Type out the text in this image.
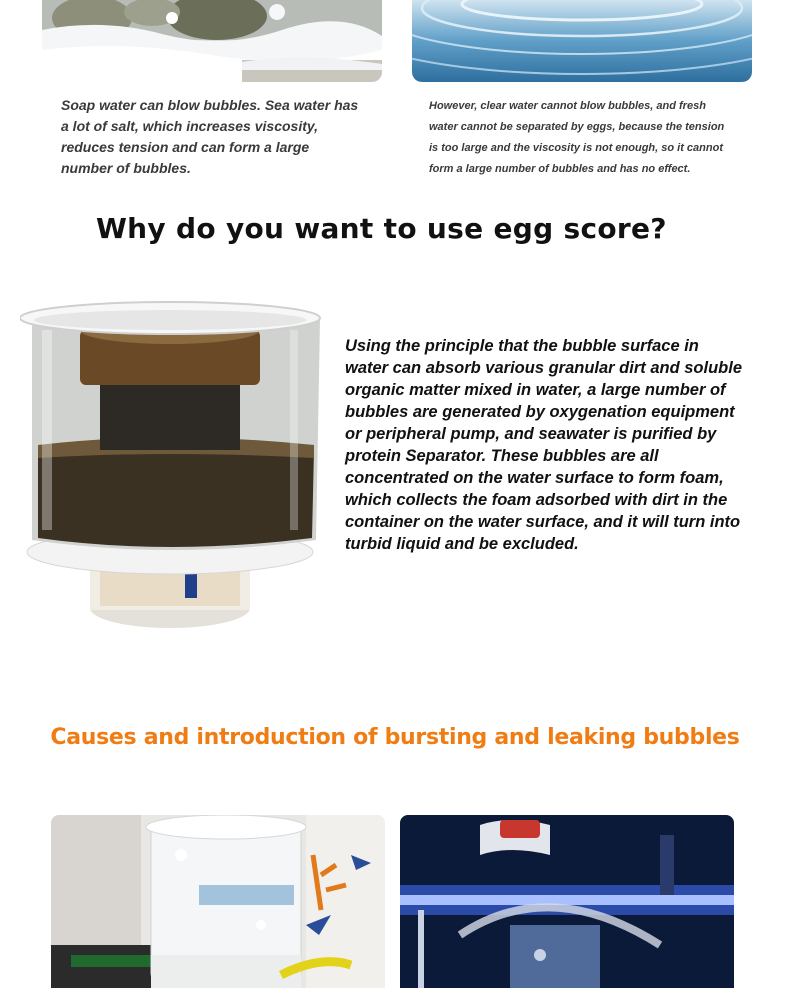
Soap water can blow bubbles. Sea water has a lot of salt, which increases viscosity, reduces tension and can form a large number of bubbles.

However, clear water cannot blow bubbles, and fresh water cannot be separated by eggs, because the tension is too large and the viscosity is not enough, so it cannot form a large number of bubbles and has no effect.

Why do you want to use egg score?

Using the principle that the bubble surface in water can absorb various granular dirt and soluble organic matter mixed in water, a large number of bubbles are generated by oxygenation equipment or peripheral pump, and seawater is purified by protein Separator. These bubbles are all concentrated on the water surface to form foam, which collects the foam adsorbed with dirt in the container on the water surface, and it will turn into turbid liquid and be excluded.

Causes and introduction of bursting and leaking bubbles
